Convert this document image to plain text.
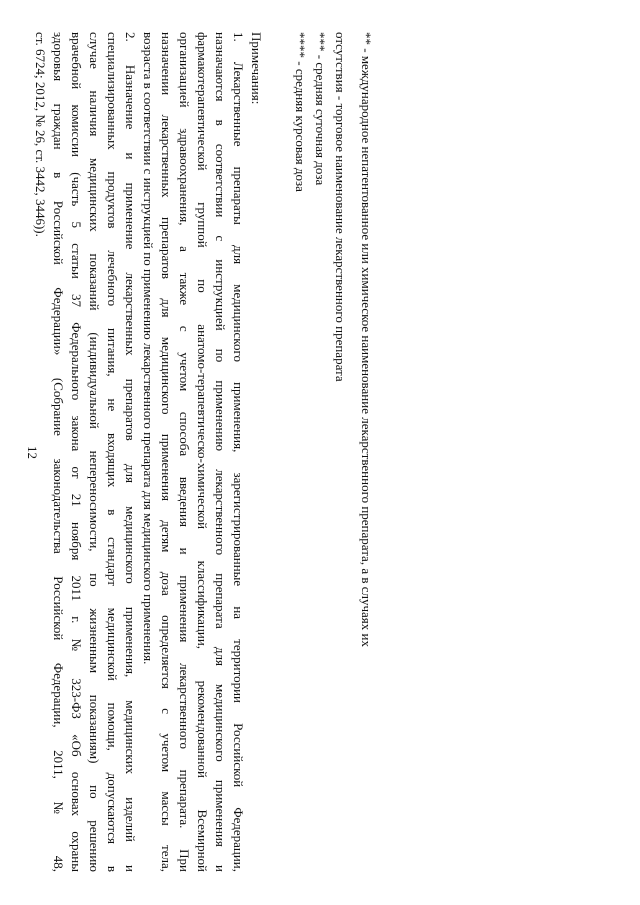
12	** - международное непатентованное или химическое наименование лекарственного препарата, а в случаях их
отсутствия - торговое наименование лекарственного препарата
*** - средняя суточная доза
**** - средняя курсовая доза
Примечания:
1. Лекарственные препараты для медицинского применения, зарегистрированные на территории Российской Федерации,
назначаются в соответствии с инструкцией по применению лекарственного препарата для медицинского применения и
фармакотерапевтической группой по анатомо-терапевтическо-химической классификации, рекомендованной Всемирной
организацией здравоохранения, а также с учетом способа введения и применения лекарственного препарата. При
назначении лекарственных препаратов для медицинского применения детям доза определяется с учетом массы тела,
возраста в соответствии с инструкцией по применению лекарственного препарата для медицинского применения.
2. Назначение и применение лекарственных препаратов для медицинского применения, медицинских изделий и
специализированных продуктов лечебного питания, не входящих в стандарт медицинской помощи, допускаются в
случае наличия медицинских показаний (индивидуальной непереносимости, по жизненным показаниям) по решению
врачебной комиссии (часть 5 статьи 37 Федерального закона от 21 ноября 2011 г. № 323-ФЗ «Об основах охраны
здоровья граждан в Российской Федерации» (Собрание законодательства Российской Федерации, 2011, № 48,
ст. 6724; 2012, № 26, ст. 3442, 3446)).
